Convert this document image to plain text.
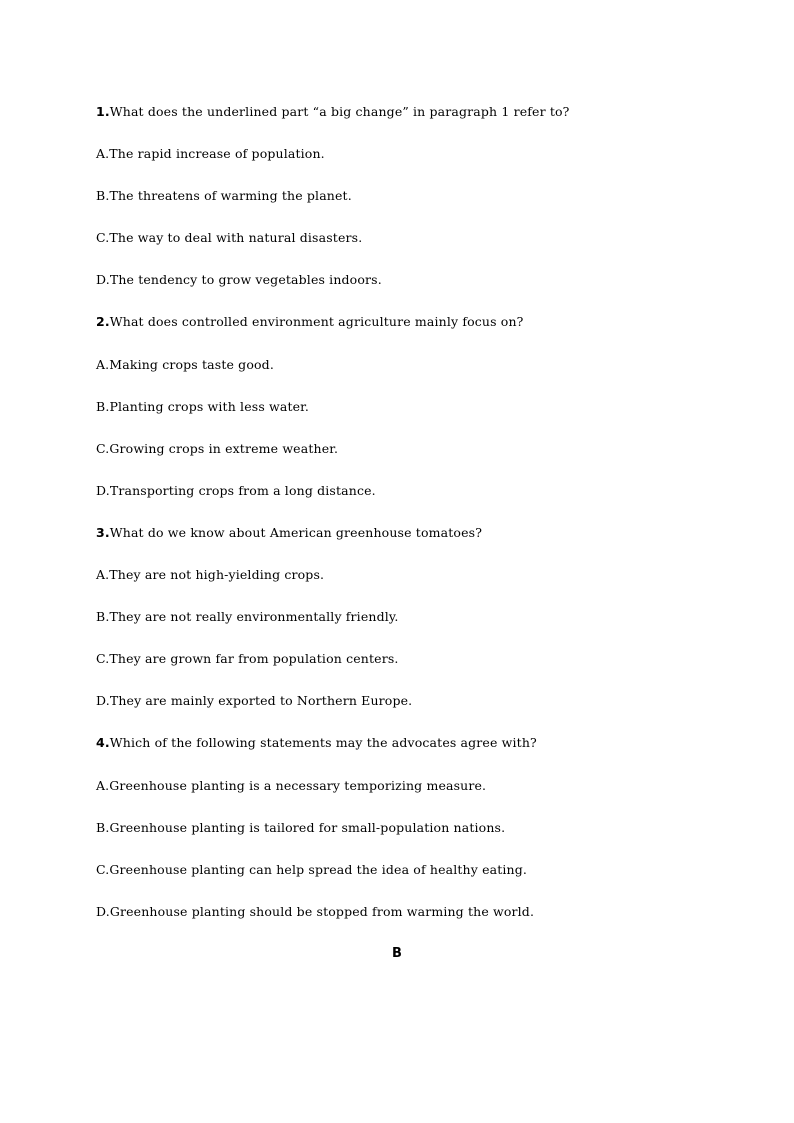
1.What does the underlined part “a big change” in paragraph 1 refer to?
A.The rapid increase of population.
B.The threatens of warming the planet.
C.The way to deal with natural disasters.
D.The tendency to grow vegetables indoors.
2.What does controlled environment agriculture mainly focus on?
A.Making crops taste good.
B.Planting crops with less water.
C.Growing crops in extreme weather.
D.Transporting crops from a long distance.
3.What do we know about American greenhouse tomatoes?
A.They are not high-yielding crops.
B.They are not really environmentally friendly.
C.They are grown far from population centers.
D.They are mainly exported to Northern Europe.
4.Which of the following statements may the advocates agree with?
A.Greenhouse planting is a necessary temporizing measure.
B.Greenhouse planting is tailored for small-population nations.
C.Greenhouse planting can help spread the idea of healthy eating.
D.Greenhouse planting should be stopped from warming the world.
B
